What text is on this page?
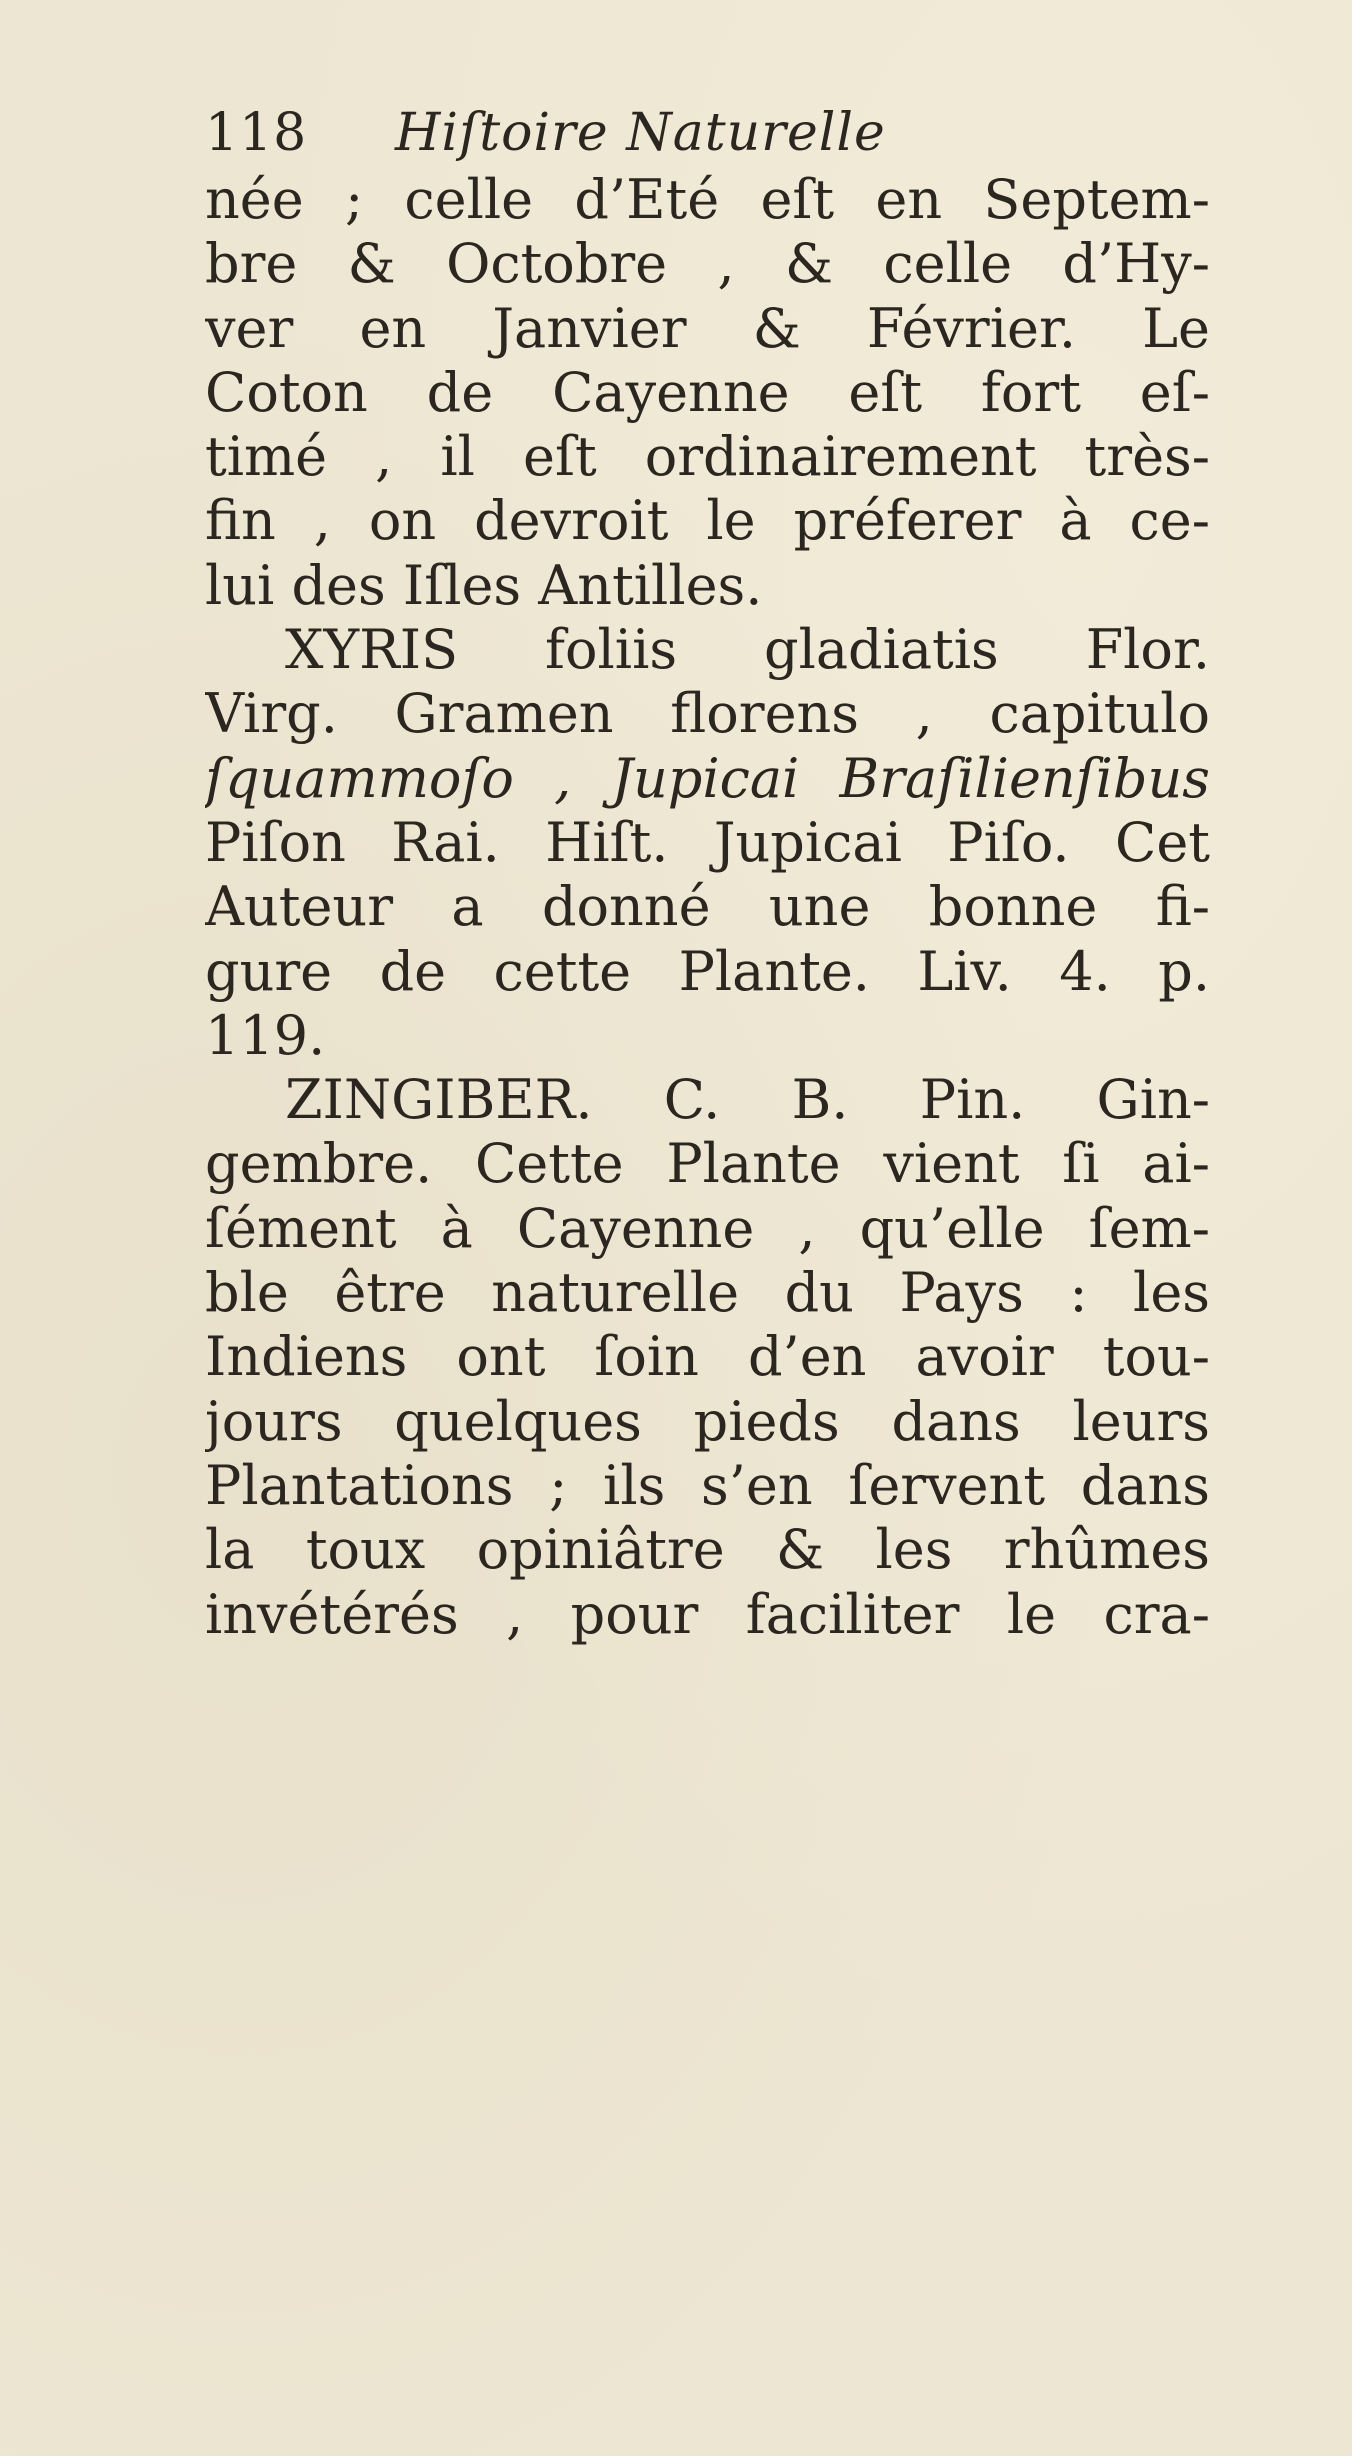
118 Hiſtoire Naturelle
née ; celle d’Eté eſt en Septem-
bre & Octobre , & celle d’Hy-
ver en Janvier & Février. Le
Coton de Cayenne eſt fort eſ-
timé , il eſt ordinairement très-
fin , on devroit le préferer à ce-
lui des Iſles Antilles.
XYRIS foliis gladiatis Flor.
Virg. Gramen florens , capitulo
ſquammoſo , Jupicai Braſilienſibus
Piſon Rai. Hiſt. Jupicai Piſo. Cet
Auteur a donné une bonne fi-
gure de cette Plante. Liv. 4. p.
119.
ZINGIBER. C. B. Pin. Gin-
gembre. Cette Plante vient ſi ai-
ſément à Cayenne , qu’elle ſem-
ble être naturelle du Pays : les
Indiens ont ſoin d’en avoir tou-
jours quelques pieds dans leurs
Plantations ; ils s’en ſervent dans
la toux opiniâtre & les rhûmes
invétérés , pour faciliter le cra-
